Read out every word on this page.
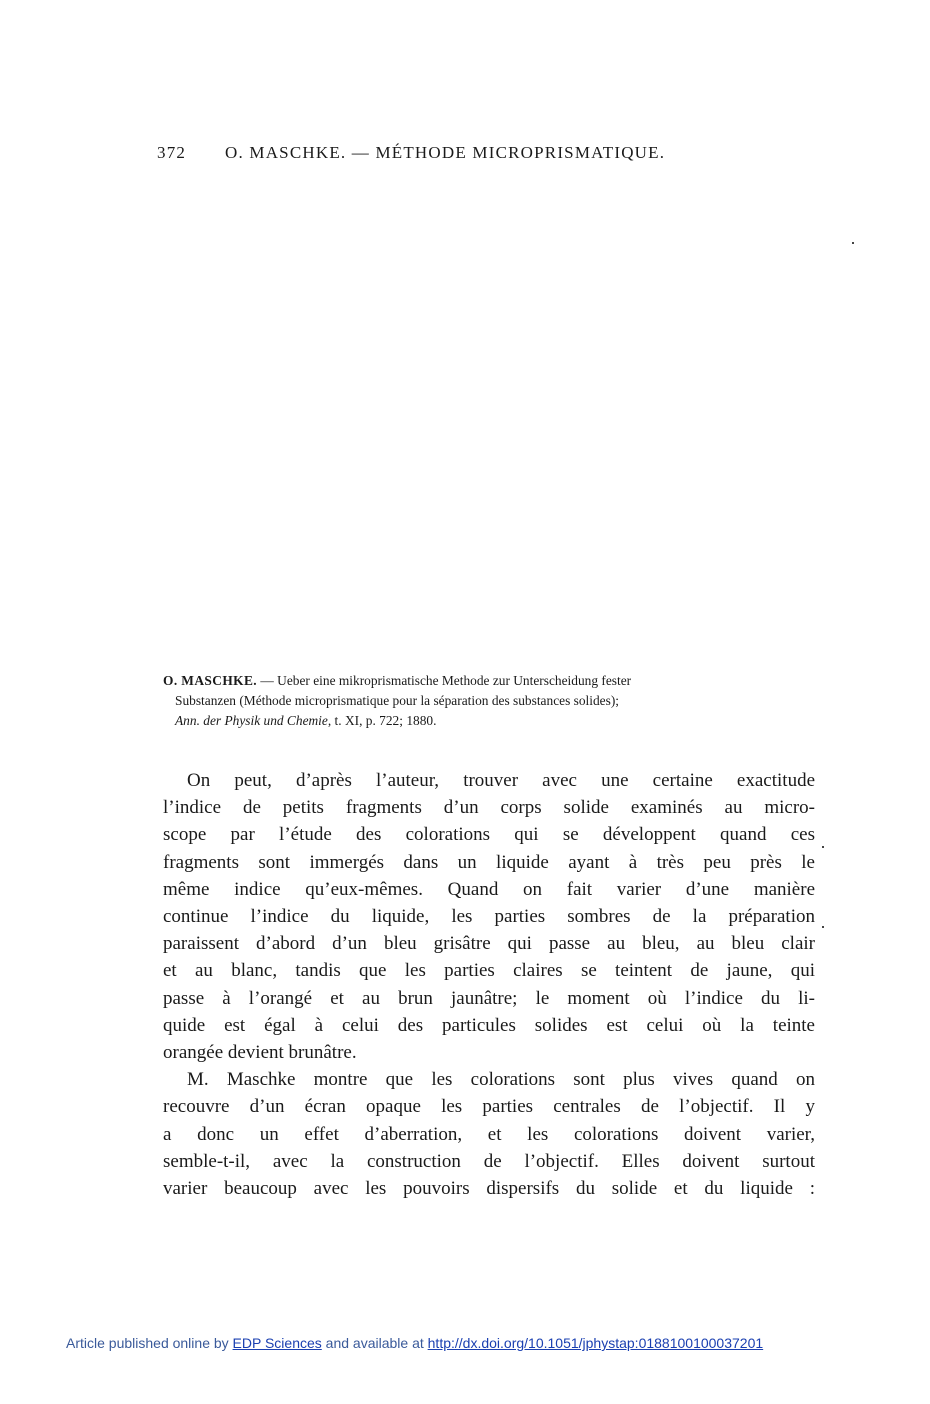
372 O. MASCHKE. — MÉTHODE MICROPRISMATIQUE.
O. MASCHKE. — Ueber eine mikroprismatische Methode zur Unterscheidung fester
Substanzen (Méthode microprismatique pour la séparation des substances solides);
Ann. der Physik und Chemie, t. XI, p. 722; 1880.
On peut, d’après l’auteur, trouver avec une certaine exactitude
l’indice de petits fragments d’un corps solide examinés au micro-
scope par l’étude des colorations qui se développent quand ces
fragments sont immergés dans un liquide ayant à très peu près le
même indice qu’eux-mêmes. Quand on fait varier d’une manière
continue l’indice du liquide, les parties sombres de la préparation
paraissent d’abord d’un bleu grisâtre qui passe au bleu, au bleu clair
et au blanc, tandis que les parties claires se teintent de jaune, qui
passe à l’orangé et au brun jaunâtre; le moment où l’indice du li-
quide est égal à celui des particules solides est celui où la teinte
orangée devient brunâtre.
M. Maschke montre que les colorations sont plus vives quand on
recouvre d’un écran opaque les parties centrales de l’objectif. Il y
a donc un effet d’aberration, et les colorations doivent varier,
semble-t-il, avec la construction de l’objectif. Elles doivent surtout
varier beaucoup avec les pouvoirs dispersifs du solide et du liquide :
Article published online by EDP Sciences and available at http://dx.doi.org/10.1051/jphystap:0188100100037201
